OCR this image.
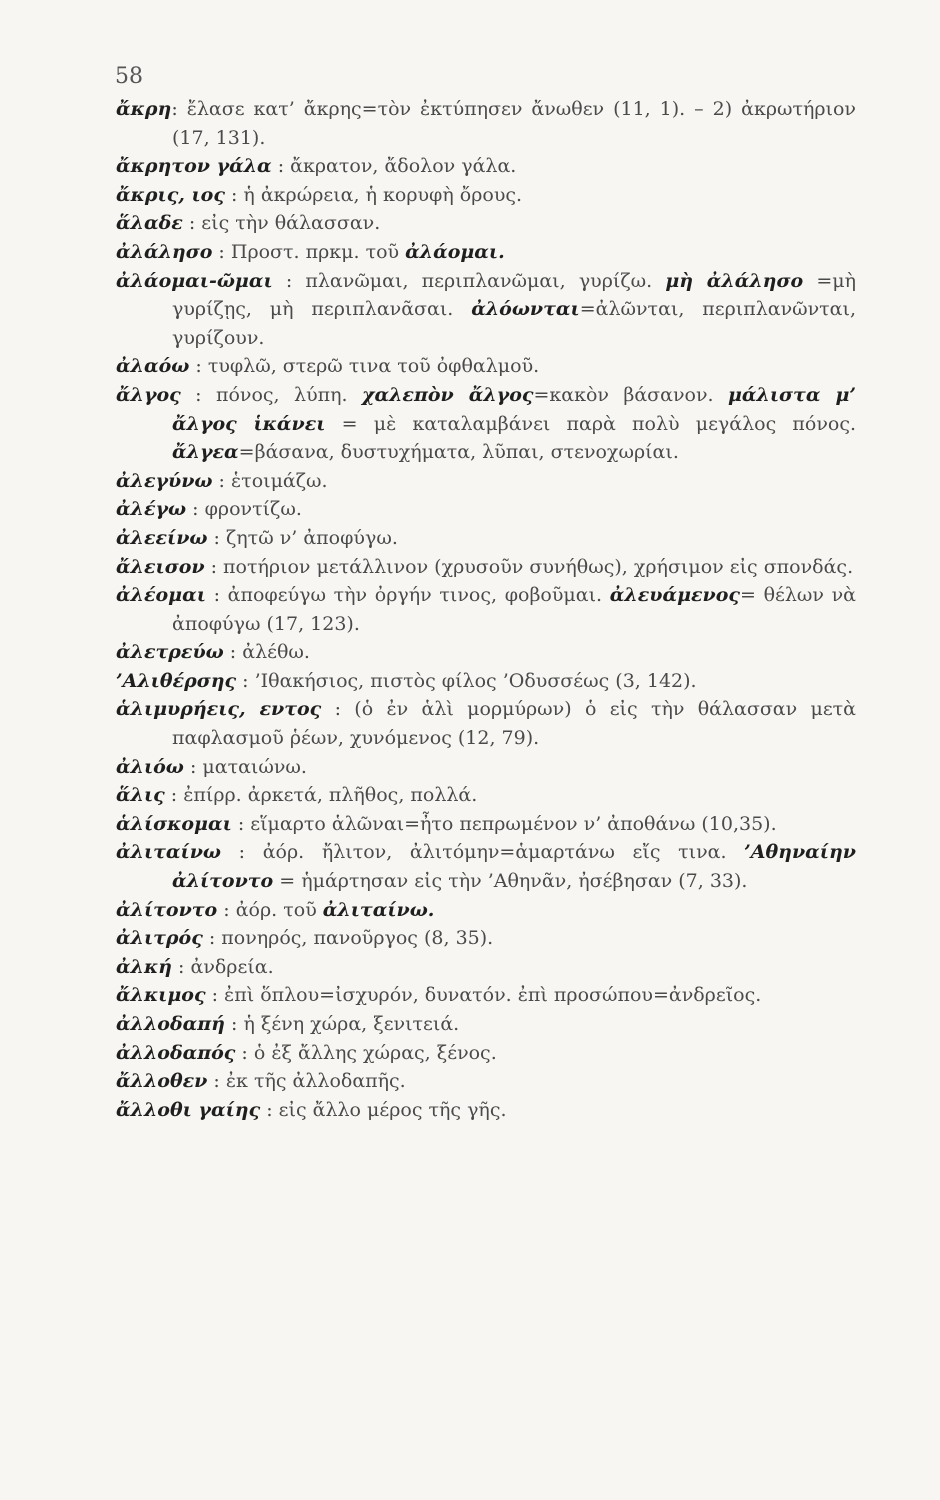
58

ἄκρη: ἔλασε κατ’ ἄκρης=τὸν ἐκτύπησεν ἄνωθεν (11, 1). – 2) ἀκρωτήριον (17, 131).

ἄκρητον γάλα : ἄκρατον, ἄδολον γάλα.

ἄκρις, ιος : ἡ ἀκρώρεια, ἡ κορυφὴ ὄρους.

ἅλαδε : εἰς τὴν θάλασσαν.

ἀλάλησο : Προστ. πρκμ. τοῦ ἀλάομαι.

ἀλάομαι-ῶμαι : πλανῶμαι, περιπλανῶμαι, γυρίζω. μὴ ἀλάλησο =μὴ γυρίζῃς, μὴ περιπλανᾶσαι. ἀλόωνται=ἀλῶνται, περιπλανῶνται, γυρίζουν.

ἀλαόω : τυφλῶ, στερῶ τινα τοῦ ὀφθαλμοῦ.

ἄλγος : πόνος, λύπη. χαλεπὸν ἄλγος=κακὸν βάσανον. μάλιστα μ’ ἄλγος ἱκάνει = μὲ καταλαμβάνει παρὰ πολὺ μεγάλος πόνος. ἄλγεα=βάσανα, δυστυχήματα, λῦπαι, στενοχωρίαι.

ἀλεγύνω : ἑτοιμάζω.

ἀλέγω : φροντίζω.

ἀλεείνω : ζητῶ ν’ ἀποφύγω.

ἄλεισον : ποτήριον μετάλλινον (χρυσοῦν συνήθως), χρήσιμον εἰς σπονδάς.

ἀλέομαι : ἀποφεύγω τὴν ὀργήν τινος, φοβοῦμαι. ἀλευάμενος= θέλων νὰ ἀποφύγω (17, 123).

ἀλετρεύω : ἀλέθω.

’Αλιθέρσης : ’Ιθακήσιος, πιστὸς φίλος ’Οδυσσέως (3, 142).

ἁλιμυρήεις, εντος : (ὁ ἐν ἁλὶ μορμύρων) ὁ εἰς τὴν θάλασσαν μετὰ παφλασμοῦ ῥέων, χυνόμενος (12, 79).

ἀλιόω : ματαιώνω.

ἅλις : ἐπίρρ. ἀρκετά, πλῆθος, πολλά.

ἁλίσκομαι : εἵμαρτο ἁλῶναι=ἦτο πεπρωμένον ν’ ἀποθάνω (10,35).

ἀλιταίνω : ἀόρ. ἤλιτον, ἀλιτόμην=ἁμαρτάνω εἴς τινα. ’Αθηναίην ἀλίτοντο = ἡμάρτησαν εἰς τὴν ’Αθηνᾶν, ἠσέβησαν (7, 33).

ἀλίτοντο : ἀόρ. τοῦ ἀλιταίνω.

ἀλιτρός : πονηρός, πανοῦργος (8, 35).

ἀλκή : ἀνδρεία.

ἄλκιμος : ἐπὶ ὅπλου=ἰσχυρόν, δυνατόν. ἐπὶ προσώπου=ἀνδρεῖος.

ἀλλοδαπή : ἡ ξένη χώρα, ξενιτειά.

ἀλλοδαπός : ὁ ἐξ ἄλλης χώρας, ξένος.

ἄλλοθεν : ἐκ τῆς ἀλλοδαπῆς.

ἄλλοθι γαίης : εἰς ἄλλο μέρος τῆς γῆς.
